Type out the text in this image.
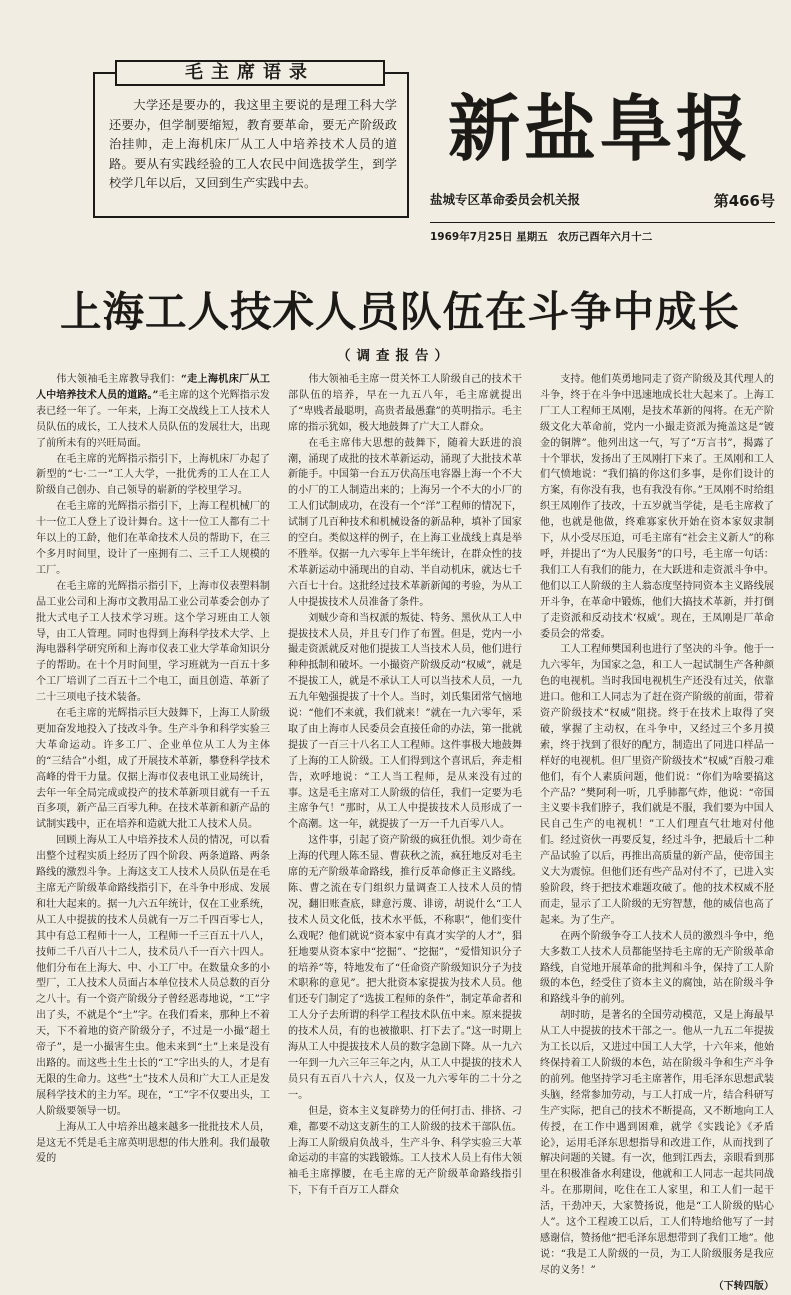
毛主席语录
大学还是要办的，我这里主要说的是理工科大学还要办，但学制要缩短，教育要革命，要无产阶级政治挂帅，走上海机床厂从工人中培养技术人员的道路。要从有实践经验的工人农民中间选拔学生，到学校学几年以后，又回到生产实践中去。
新盐阜报
盐城专区革命委员会机关报	第466号
1969年7月25日 星期五 农历己酉年六月十二
上海工人技术人员队伍在斗争中成长
（调查报告）

伟大领袖毛主席教导我们：“走上海机床厂从工人中培养技术人员的道路。”毛主席的这个光辉指示发表已经一年了。一年来，上海工交战线上工人技术人员队伍的成长，工人技术人员队伍的发展壮大，出现了前所未有的兴旺局面。

在毛主席的光辉指示指引下，上海机床厂办起了新型的“七·二一”工人大学，一批优秀的工人在工人阶级自己创办、自己领导的崭新的学校里学习。

在毛主席的光辉指示指引下，上海工程机械厂的十一位工人登上了设计舞台。这十一位工人都有二十年以上的工龄，他们在革命技术人员的帮助下，在三个多月时间里，设计了一座拥有二、三千工人规模的工厂。

在毛主席的光辉指示指引下，上海市仪表塑料制品工业公司和上海市文教用品工业公司革委会创办了批大式电子工人技术学习班。这个学习班由工人领导，由工人管理。同时也得到上海科学技术大学、上海电器科学研究所和上海市仪表工业大学革命知识分子的帮助。在十个月时间里，学习班就为一百五十多个工厂培训了二百五十二个电工，面且创造、革新了二十三项电子技术装备。

在毛主席的光辉指示巨大鼓舞下，上海工人阶级更加奋发地投入了技改斗争。生产斗争和科学实验三大革命运动。许多工厂、企业单位从工人为主体的“三结合”小组，成了开展技术革新，攀登科学技术高峰的骨干力量。仅据上海市仪表电讯工业局统计，去年一年全局完成或投产的技术革新项目就有一千五百多项，新产品三百零九种。在技术革新和新产品的试制实践中，正在培养和造就大批工人技术人员。

回顾上海从工人中培养技术人员的情况，可以看出整个过程实质上经历了四个阶段、两条道路、两条路线的激烈斗争。上海这支工人技术人员队伍是在毛主席无产阶级革命路线指引下，在斗争中形成、发展和壮大起来的。据一九六五年统计，仅在工业系统，从工人中提拔的技术人员就有一万二千四百零七人，其中有总工程师十一人，工程师一千三百五十八人，技师二千八百八十二人，技术员八千一百六十四人。他们分布在上海大、中、小工厂中。在数量众多的小型厂，工人技术人员面占本单位技术人员总数的百分之八十。有一个资产阶级分子曾经恶毒地说，“工”字出了头，不就是个“土”字。在我们看来，那种上不着天，下不着地的资产阶级分子，不过是一小撮“超土帝子”，是一小撮害生虫。他未来到“土”上来是没有出路的。而这些土生土长的“工”字出头的人，才是有无限的生命力。这些“土”技术人员和广大工人正是发展科学技术的主力军。现在，“工”字不仅要出头，工人阶级要领导一切。

上海从工人中培养出越来越多一批批技术人员，是这无不凭是毛主席英明思想的伟大胜利。我们最敬爱的

伟大领袖毛主席一贯关怀工人阶级自己的技术干部队伍的培养，早在一九五八年，毛主席就提出了“卑贱者最聪明，高贵者最愚蠢”的英明指示。毛主席的指示犹如，极大地鼓舞了广大工人群众。

在毛主席伟大思想的鼓舞下，随着大跃进的浪潮，涌现了成批的技术革新运动，涌现了大批技术革新能手。中国第一台五万伏高压电容器上海一个不大的小厂的工人制造出来的；上海另一个不大的小厂的工人们试制成功，在没有一个“洋”工程师的情况下，试制了几百种技术和机械设备的新品种，填补了国家的空白。类似这样的例子，在上海工业战线上真是举不胜举。仅据一九六零年上半年统计，在群众性的技术革新运动中涌现出的自动、半自动机床，就达七千六百七十台。这批经过技术革新新闻的考验，为从工人中提拔技术人员准备了条件。

刘贼少奇和当权派的叛徒、特务、黑伙从工人中提拔技术人员，并且专门作了布置。但是，党内一小撮走资派就反对他们提拔工人当技术人员，他们进行种种抵制和破坏。一小撮资产阶级反动“权威”，就是不提拔工人，就是不承认工人可以当技术人员，一九五九年勉强提拔了十个人。当时，刘氏集团常气恼地说：“他们不来就，我们就来！”就在一九六零年，采取了由上海市人民委员会直接任命的办法，第一批就提拔了一百三十八名工人工程师。这件事极大地鼓舞了上海的工人阶级。工人们得到这个喜讯后，奔走相告，欢呼地说：“工人当工程师，是从来没有过的事。这是毛主席对工人阶级的信任，我们一定要为毛主席争气！”那时，从工人中提拔技术人员形成了一个高潮。这一年，就提拔了一万一千九百零八人。

这件事，引起了资产阶级的疯狂仇恨。刘少奇在上海的代理人陈丕显、曹荻秋之流，疯狂地反对毛主席的无产阶级革命路线，推行反革命修正主义路线。陈、曹之流在专门组织力量调查工人技术人员的情况，翻旧账查底，肆意污蔑、诽谤，胡说什么“工人技术人员文化低，技术水平低，不称职”，他们变什么戏呢？他们就说“资本家中有真才实学的人才”，猖狂地要从资本家中“挖掘”、“挖掘”，“爱惜知识分子的培养”等，特地发布了“任命资产阶级知识分子为技术职称的意见”。把大批资本家提拔为技术人员。他们还专门制定了“选拔工程师的条件”，制定革命者和工人分子去所谓的科学工程技术队伍中来。原来提拔的技术人员，有的也被撤职、打下去了。”这一时期上海从工人中提拔技术人员的数字急剧下降。从一九六一年到一九六三年三年之内，从工人中提拔的技术人员只有五百八十六人，仅及一九六零年的二十分之一。

但是，资本主义复辟势力的任何打击、排挤、刁难，都要不动这支新生的工人阶级的技术干部队伍。上海工人阶级肩负战斗，生产斗争、科学实验三大革命运动的丰富的实践锻炼。工人技术人员上有伟大领袖毛主席撑腰，在毛主席的无产阶级革命路线指引下，下有千百万工人群众

支持。他们英勇地同走了资产阶级及其代理人的斗争，终于在斗争中迅速地成长壮大起来了。上海工厂工人工程师王凤刚，是技术革新的闯将。在无产阶级文化大革命前，党内一小撮走资派为掩盖这是“镀金的铜牌”。他列出这一气，写了“万言书”，揭露了十个罪状，发扬出了王凤刚打下来了。王凤刚和工人们气愤地说：“我们搞的你这们多事，是你们设计的方案，有你没有我，也有我没有你。”王凤刚不时给组织王凤刚作了技改，十五岁就当学徒，是毛主席救了他，也就是他做，终难寡家伙开始在资本家奴隶制下，从小受尽压迫，可毛主席有“社会主义新人”的称呼，并提出了“为人民服务”的口号，毛主席一句话：我们工人有我们的能力，在大跃进和走资派斗争中。他们以工人阶级的主人翁态度坚持同资本主义路线展开斗争，在革命中锻炼，他们大搞技术革新，并打倒了走资派和反动技术‘权威’。现在，王凤刚是厂革命委员会的常委。

工人工程师樊国利也进行了坚决的斗争。他于一九六零年，为国家之急，和工人一起试制生产各种颜色的电视机。当时我国电视机生产还没有过关，依靠进口。他和工人同志为了赶在资产阶级的前面，带着资产阶级技术“权威”阻挠。终于在技术上取得了突破，掌握了主动权，在斗争中，又经过三个多月摸索，终于找到了很好的配方，制造出了同进口样品一样好的电视机。但厂里资产阶级技术“权威”百般刁难他们，有个人素质问题，他们说：“你们为啥要搞这个产品？”樊阿利一听，几乎肺都气炸，他说：“帝国主义要卡我们脖子，我们就是不服，我们要为中国人民自己生产的电视机！”工人们理直气壮地对付他们。经过资伙一再要反复，经过斗争，把最后十二种产品试验了以后，再推出高质量的新产品，使帝国主义大为震惊。但他们还有些产品对付不了，已进入实验阶段，终于把技术难题攻破了。他的技术权威不胫而走，显示了工人阶级的无穷智慧，他的威信也高了起来。为了生产。

在两个阶级争夺工人技术人员的激烈斗争中，绝大多数工人技术人员都能坚持毛主席的无产阶级革命路线，自觉地开展革命的批判和斗争，保持了工人阶级的本色，经受住了资本主义的腐蚀，站在阶级斗争和路线斗争的前列。

胡时昉，是著名的全国劳动模范，又是上海最早从工人中提拔的技术干部之一。他从一九五二年提拔为工长以后，又进过中国工人大学，十六年来，他始终保持着工人阶级的本色，站在阶级斗争和生产斗争的前列。他坚持学习毛主席著作，用毛泽东思想武装头脑，经常参加劳动，与工人打成一片，结合科研写生产实际，把自己的技术不断提高，又不断地向工人传授，在工作中遇到困难，就学《实践论》《矛盾论》，运用毛泽东思想指导和改进工作，从而找到了解决问题的关键。有一次，他到江西去，亲眼看到那里在积极准备水利建设，他就和工人同志一起共同战斗。在那期间，吃住在工人家里，和工人们一起干活，干劲冲天，大家赞扬说，他是“工人阶级的贴心人”。这个工程竣工以后，工人们特地给他写了一封感谢信，赞扬他“把毛泽东思想带到了我们工地”。他说：“我是工人阶级的一员，为工人阶级服务是我应尽的义务！”

（下转四版）
